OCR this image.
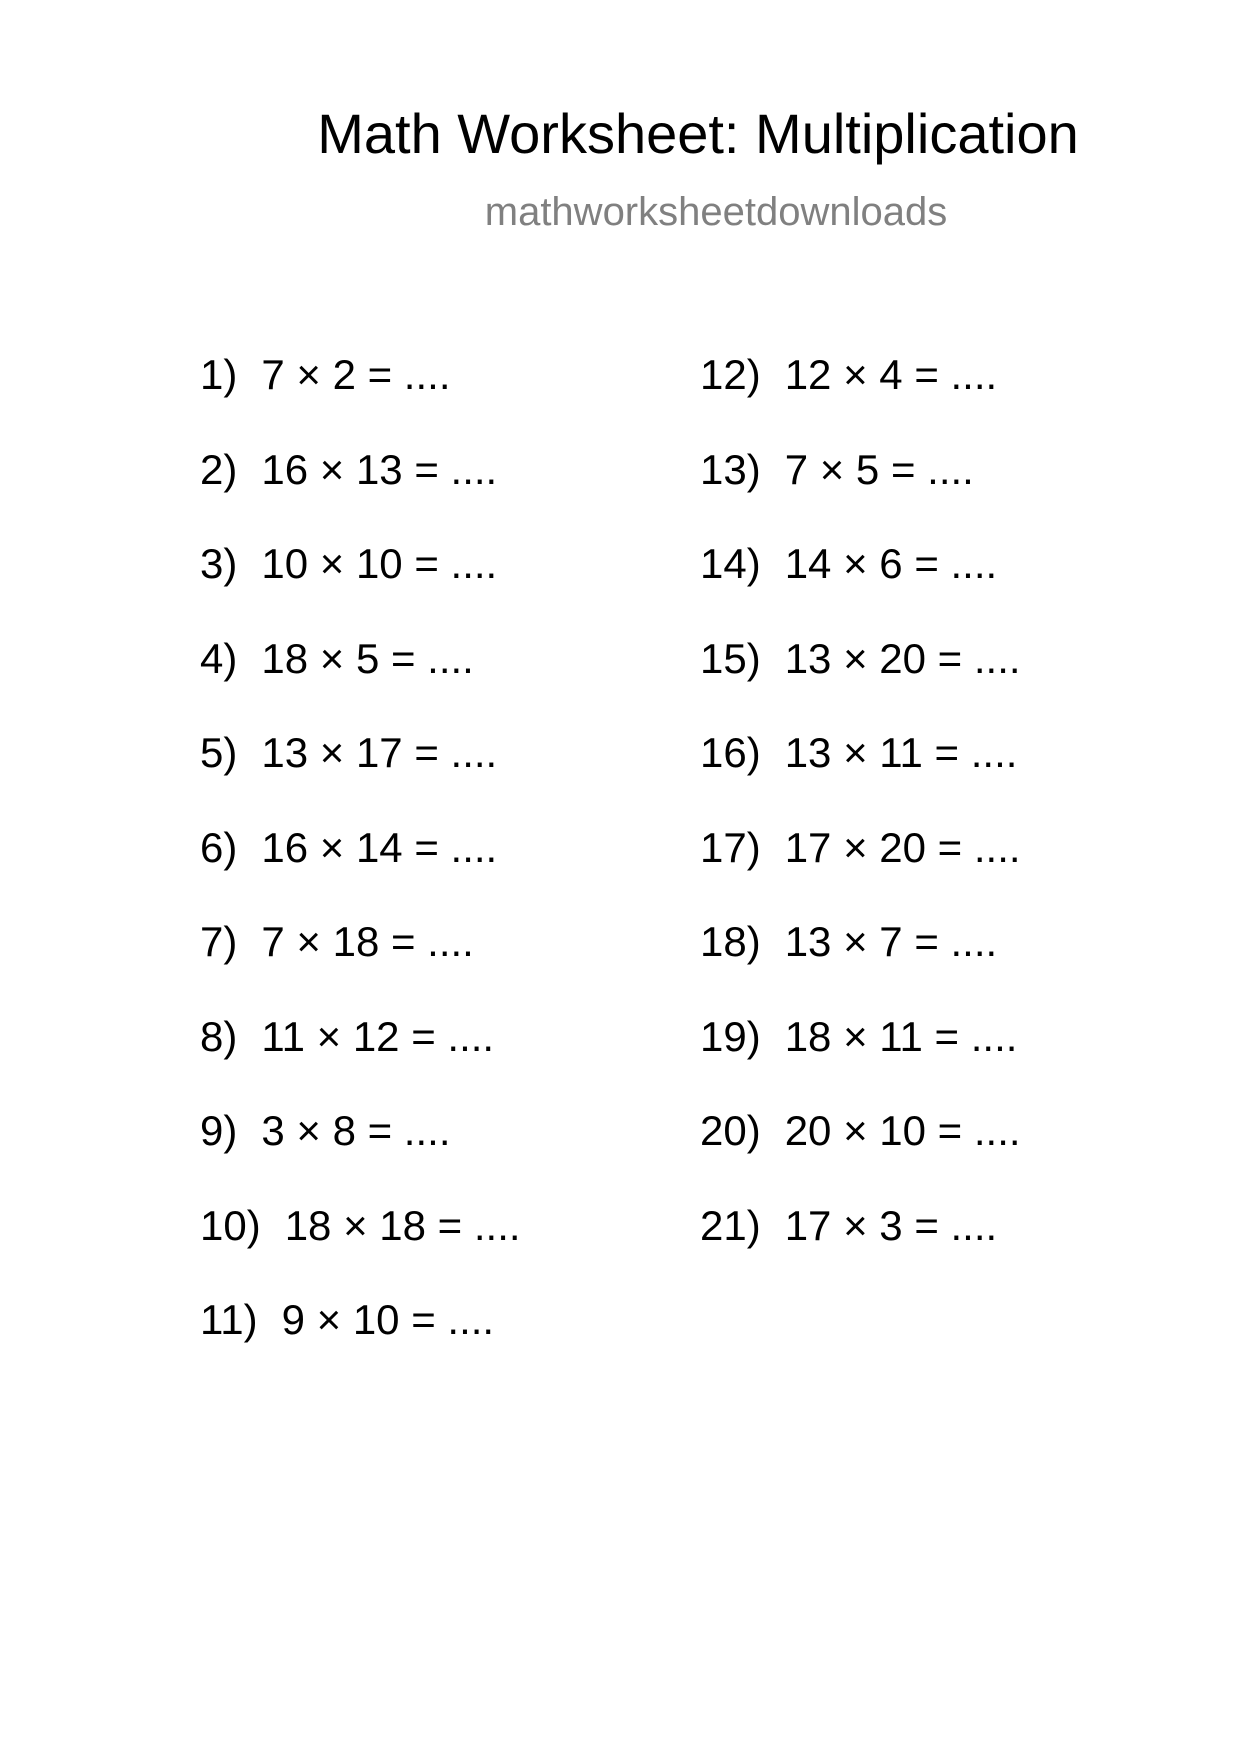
Math Worksheet: Multiplication
mathworksheetdownloads
1) 7 × 2 = ....
2) 16 × 13 = ....
3) 10 × 10 = ....
4) 18 × 5 = ....
5) 13 × 17 = ....
6) 16 × 14 = ....
7) 7 × 18 = ....
8) 11 × 12 = ....
9) 3 × 8 = ....
10) 18 × 18 = ....
11) 9 × 10 = ....
12) 12 × 4 = ....
13) 7 × 5 = ....
14) 14 × 6 = ....
15) 13 × 20 = ....
16) 13 × 11 = ....
17) 17 × 20 = ....
18) 13 × 7 = ....
19) 18 × 11 = ....
20) 20 × 10 = ....
21) 17 × 3 = ....
